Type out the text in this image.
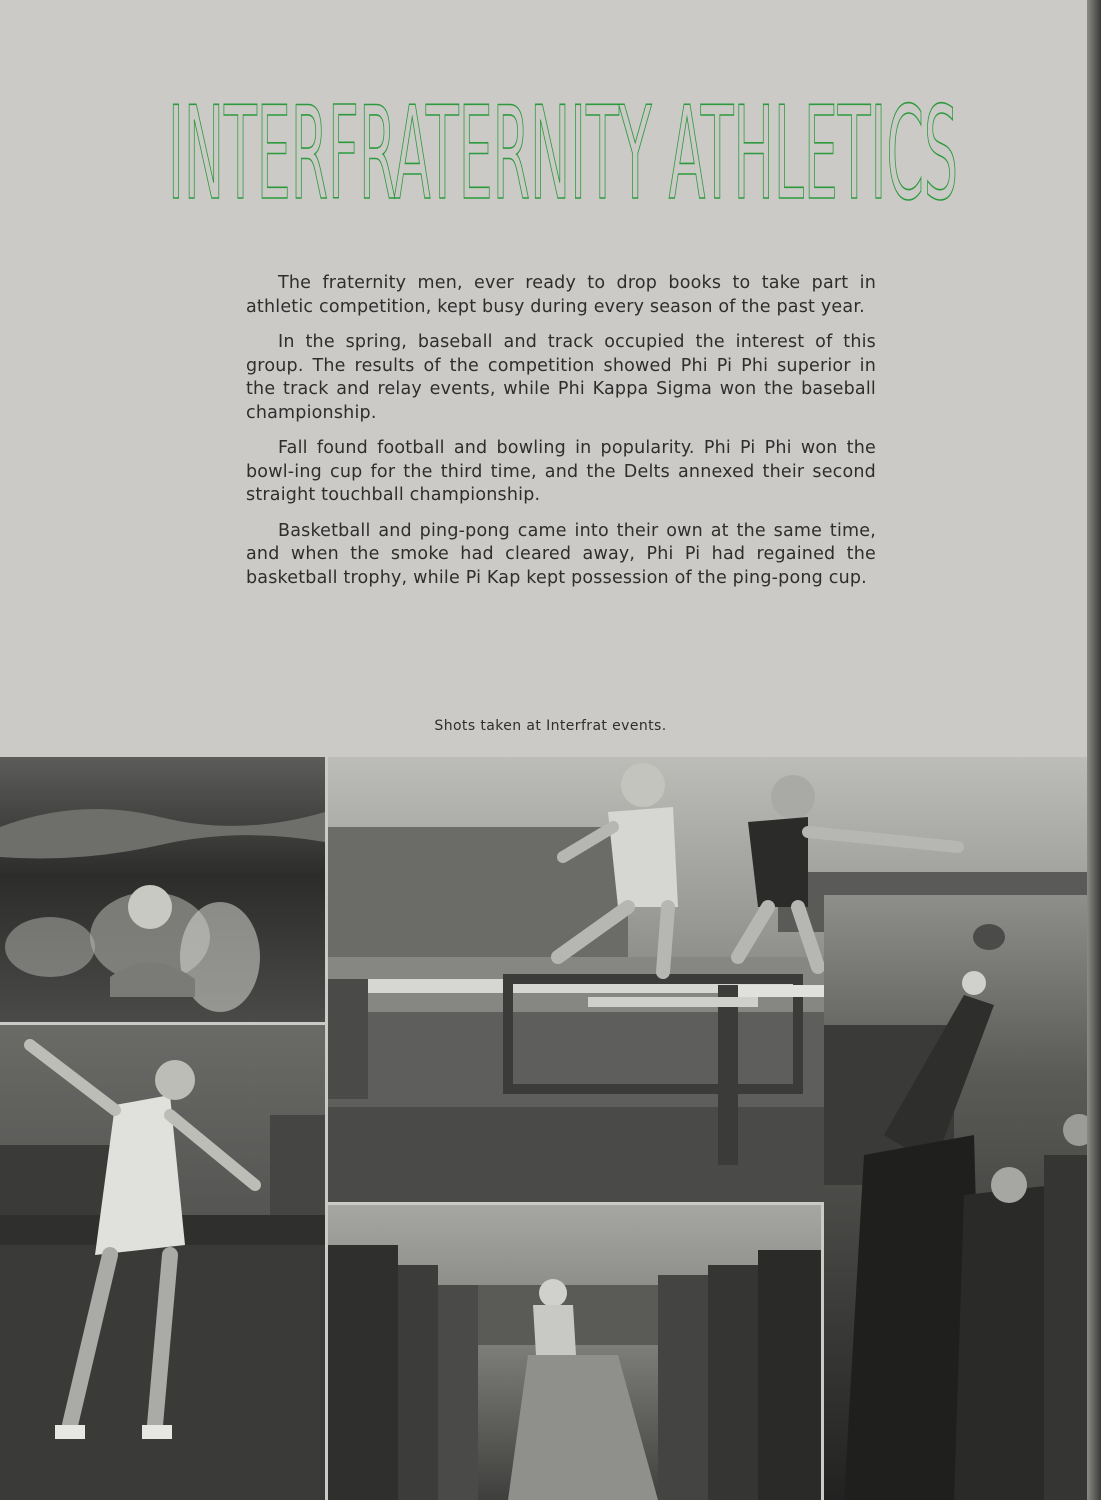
INTERFRATERNITY ATHLETICS

The fraternity men, ever ready to drop books to take part in athletic competition, kept busy during every season of the past year.

In the spring, baseball and track occupied the interest of this group. The results of the competition showed Phi Pi Phi superior in the track and relay events, while Phi Kappa Sigma won the baseball championship.

Fall found football and bowling in popularity. Phi Pi Phi won the bowl-ing cup for the third time, and the Delts annexed their second straight touchball championship.

Basketball and ping-pong came into their own at the same time, and when the smoke had cleared away, Phi Pi had regained the basketball trophy, while Pi Kap kept possession of the ping-pong cup.

Shots taken at Interfrat events.
